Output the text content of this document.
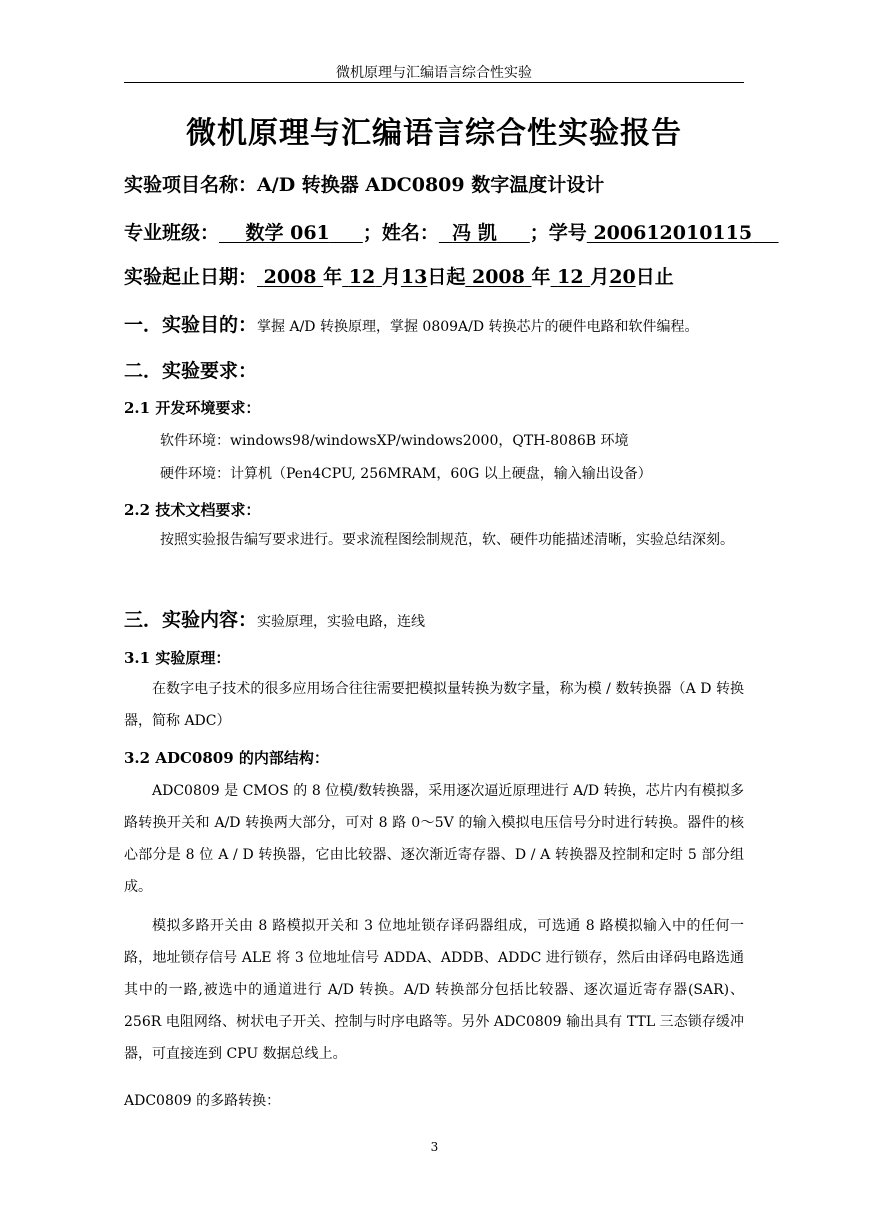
微机原理与汇编语言综合性实验
微机原理与汇编语言综合性实验报告
实验项目名称：A/D 转换器 ADC0809 数字温度计设计
专业班级： 数学 061 ；姓名： 冯 凯 ；学号 200612010115
实验起止日期： 2008 年 12 月13日起 2008 年 12 月20日止
一．实验目的：掌握 A/D 转换原理，掌握 0809A/D 转换芯片的硬件电路和软件编程。
二．实验要求：
2.1 开发环境要求：
软件环境：windows98/windowsXP/windows2000，QTH-8086B 环境
硬件环境：计算机（Pen4CPU, 256MRAM，60G 以上硬盘，输入输出设备）
2.2 技术文档要求：
按照实验报告编写要求进行。要求流程图绘制规范，软、硬件功能描述清晰，实验总结深刻。
三．实验内容：实验原理，实验电路，连线
3.1 实验原理：
在数字电子技术的很多应用场合往往需要把模拟量转换为数字量，称为模 / 数转换器（A D 转换器，简称 ADC）
3.2 ADC0809 的内部结构：
ADC0809 是 CMOS 的 8 位模/数转换器，采用逐次逼近原理进行 A/D 转换，芯片内有模拟多路转换开关和 A/D 转换两大部分，可对 8 路 0～5V 的输入模拟电压信号分时进行转换。器件的核心部分是 8 位 A / D 转换器，它由比较器、逐次渐近寄存器、D / A 转换器及控制和定时 5 部分组成。
模拟多路开关由 8 路模拟开关和 3 位地址锁存译码器组成，可选通 8 路模拟输入中的任何一路，地址锁存信号 ALE 将 3 位地址信号 ADDA、ADDB、ADDC 进行锁存，然后由译码电路选通其中的一路,被选中的通道进行 A/D 转换。A/D 转换部分包括比较器、逐次逼近寄存器(SAR)、256R 电阻网络、树状电子开关、控制与时序电路等。另外 ADC0809 输出具有 TTL 三态锁存缓冲器，可直接连到 CPU 数据总线上。
ADC0809 的多路转换：
3
